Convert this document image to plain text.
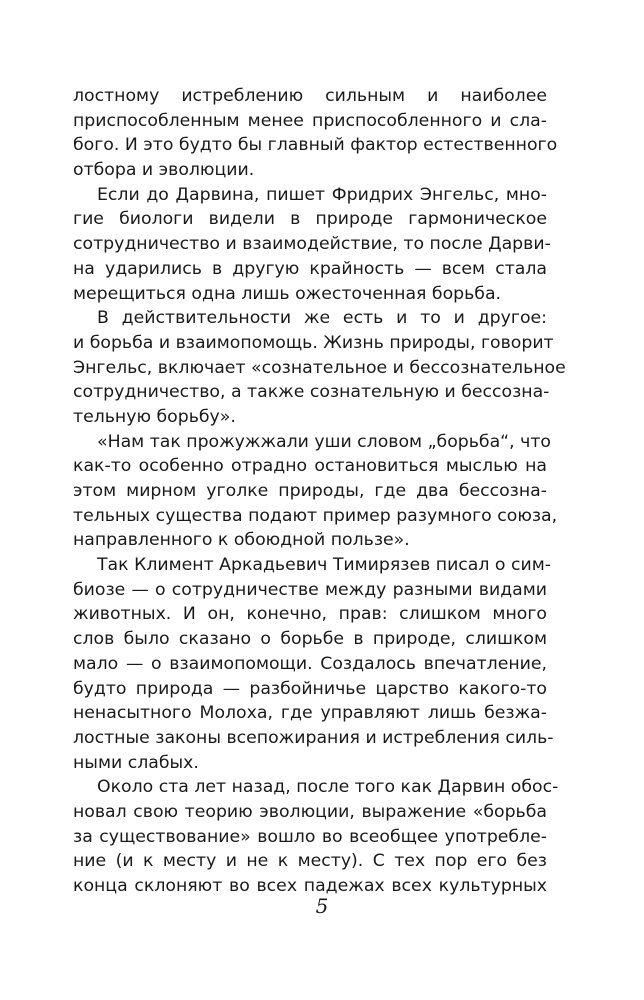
лостному истреблению сильным и наиболее
приспособленным менее приспособленного и сла-
бого. И это будто бы главный фактор естественного
отбора и эволюции.
Если до Дарвина, пишет Фридрих Энгельс, мно-
гие биологи видели в природе гармоническое
сотрудничество и взаимодействие, то после Дарви-
на ударились в другую крайность — всем стала
мерещиться одна лишь ожесточенная борьба.
В действительности же есть и то и другое:
и борьба и взаимопомощь. Жизнь природы, говорит
Энгельс, включает «сознательное и бессознательное
сотрудничество, а также сознательную и бессозна-
тельную борьбу».
«Нам так прожужжали уши словом „борьба“, что
как-то особенно отрадно остановиться мыслью на
этом мирном уголке природы, где два бессозна-
тельных существа подают пример разумного союза,
направленного к обоюдной пользе».
Так Климент Аркадьевич Тимирязев писал о сим-
биозе — о сотрудничестве между разными видами
животных. И он, конечно, прав: слишком много
слов было сказано о борьбе в природе, слишком
мало — о взаимопомощи. Создалось впечатление,
будто природа — разбойничье царство какого-то
ненасытного Молоха, где управляют лишь безжа-
лостные законы всепожирания и истребления силь-
ными слабых.
Около ста лет назад, после того как Дарвин обос-
новал свою теорию эволюции, выражение «борьба
за существование» вошло во всеобщее употребле-
ние (и к месту и не к месту). С тех пор его без
конца склоняют во всех падежах всех культурных
5
